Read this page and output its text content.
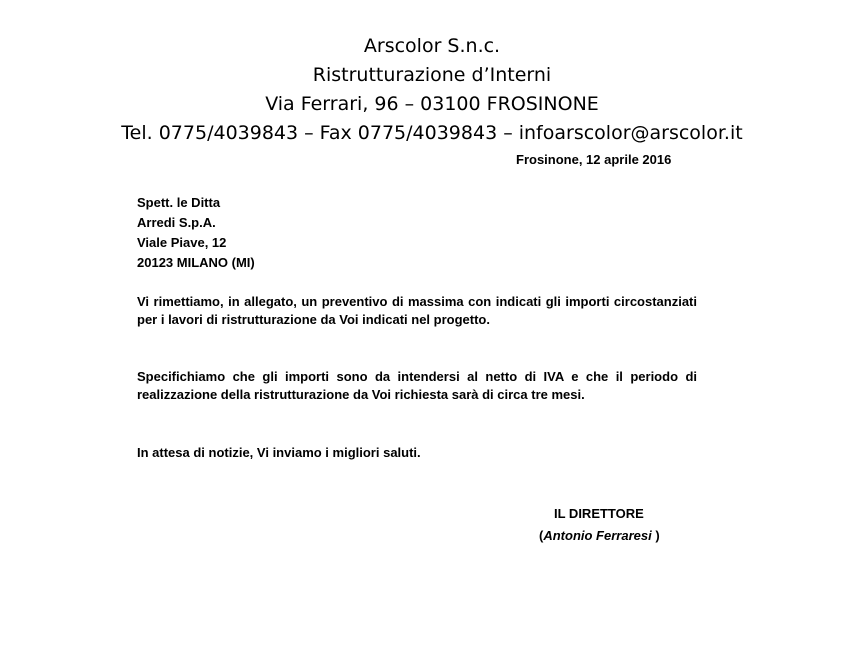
Arscolor S.n.c.
Ristrutturazione d’Interni
Via Ferrari, 96 – 03100 FROSINONE
Tel. 0775/4039843 – Fax 0775/4039843 – infoarscolor@arscolor.it
Frosinone, 12 aprile 2016
Spett. le Ditta
Arredi S.p.A.
Viale Piave, 12
20123 MILANO (MI)
Vi rimettiamo, in allegato, un preventivo di massima con indicati gli importi circostanziati per i lavori di ristrutturazione da Voi indicati nel progetto.
Specifichiamo che gli importi sono da intendersi al netto di IVA e che il periodo di realizzazione della ristrutturazione da Voi richiesta sarà di circa tre mesi.
In attesa di notizie, Vi inviamo i migliori saluti.
IL DIRETTORE
(Antonio Ferraresi )
